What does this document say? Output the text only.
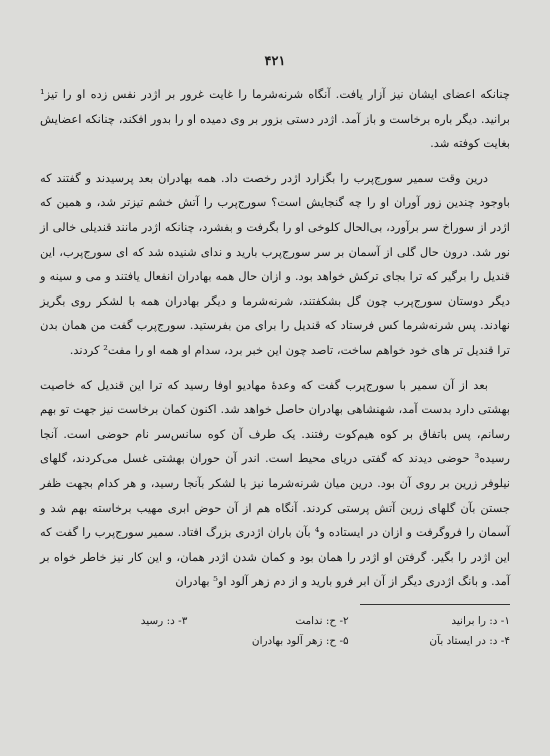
۴۲۱

چنانکه اعضای ایشان نیز آزار یافت. آنگاه شرنه‌شرما را غایت غرور بر اژدر نفس زده او را تیز¹ برانید. دیگر باره برخاست و باز آمد. اژدر دستی بزور بر وی دمیده او را بدور افکند، چنانکه اعضایش بغایت کوفته شد.

درین وقت سمیر سورج‌پرب را بگزارد اژدر رخصت داد. همه بهادران بعد پرسیدند و گفتند که باوجود چندین زور آوران او را چه گنجایش است؟ سورج‌پرب را آتش خشم تیزتر شد، و همین که اژدر از سوراخ سر برآورد، بی‌الحال کلوخی او را بگرفت و بفشرد، چنانکه اژدر مانند قندیلی خالی از نور شد. درون حال گلی از آسمان بر سر سورج‌پرب بارید و ندای شنیده شد که ای سورج‌پرب، این قندیل را برگیر که ترا بجای ترکش خواهد بود. و ازان حال همه بهادران انفعال یافتند و می و سینه و دیگر دوستان سورج‌پرب چون گل بشکفتند، شرنه‌شرما و دیگر بهادران همه با لشکر روی بگریز نهادند. پس شرنه‌شرما کس فرستاد که قندیل را برای من بفرستید. سورج‌پرب گفت من همان بدن ترا قندیل تر های خود خواهم ساخت، تاصد چون این خبر برد، سدام او همه او را مفت² کردند.

بعد از آن سمیر با سورج‌پرب گفت که وعدهٔ مهادیو اوفا رسید که ترا این قندیل که خاصیت بهشتی دارد بدست آمد، شهنشاهی بهادران حاصل خواهد شد. اکنون کمان برخاست نیز جهت تو بهم رسانم، پس باتفاق بر کوه هیم‌کوت رفتند. یک طرف آن کوه سانس‌سر نام حوضی است. آنجا رسیده³ حوضی دیدند که گفتی دریای محیط است. اندر آن حوران بهشتی غسل می‌کردند، گلهای نیلوفر زرین بر روی آن بود. درین میان شرنه‌شرما نیز با لشکر بآنجا رسید، و هر کدام بجهت ظفر جستن بآن گلهای زرین آتش پرستی کردند. آنگاه هم از آن حوض ابری مهیب برخاسته بهم شد و آسمان را فروگرفت و ازان در ایستاده و⁴ بآن باران اژدری بزرگ افتاد. سمیر سورج‌پرب را گفت که این اژدر را بگیر. گرفتن او اژدر را همان بود و کمان شدن اژدر همان، و این کار نیز خاطر خواه بر آمد. و بانگ اژدری دیگر از آن ابر فرو بارید و از دم زهر آلود او⁵ بهادران

۱- د: را برانید
۲- ح: ندامت
۳- د: رسید
۴- د: در ایستاد بآن
۵- ح: زهر آلود بهادران
